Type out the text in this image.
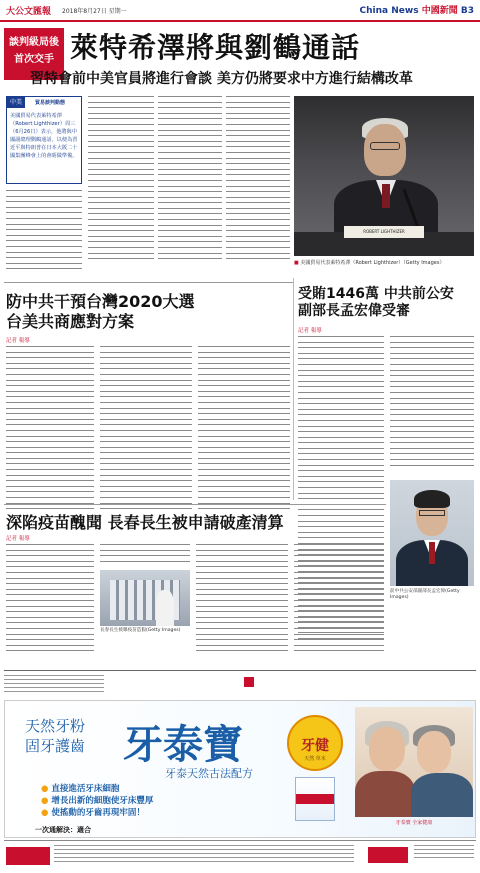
大公文匯報 2018年8月27日 星期一	China News 中國新聞 B3
談判級局後
首次交手 萊特希澤將與劉鶴通話
習特會前中美官員將進行會談 美方仍將要求中方進行結構改革
中美	貿易談判動態
美國貿易代表萊特希澤（Robert Lighthizer）周三（6月26日）表示，他將與中國副總理劉鶴通話，以便為習近平與特朗普在日本大阪二十國集團峰會上的會晤做準備。
ROBERT LIGHTHIZER
■ 美國貿易代表萊特希澤（Robert Lighthizer）（Getty Images）
防中共干預台灣2020大選
台美共商應對方案
記者 報導
受賄1446萬 中共前公安
副部長孟宏偉受審
記者 報導
前中共公安部副部長孟宏偉(Getty Images)
深陷疫苗醜聞 長春長生被申請破產清算
記者 報導
長春長生被曝疫苗造假(Getty Images)
天然牙粉
固牙護齒 牙泰寶
牙泰天然古法配方
● 直接進活牙床細胞
● 增長出新的細胞使牙床豐厚
● 使搖動的牙齒再現牢固！
牙健
天然 草本
牙泰寶 全家健康
一次通解決：適合
